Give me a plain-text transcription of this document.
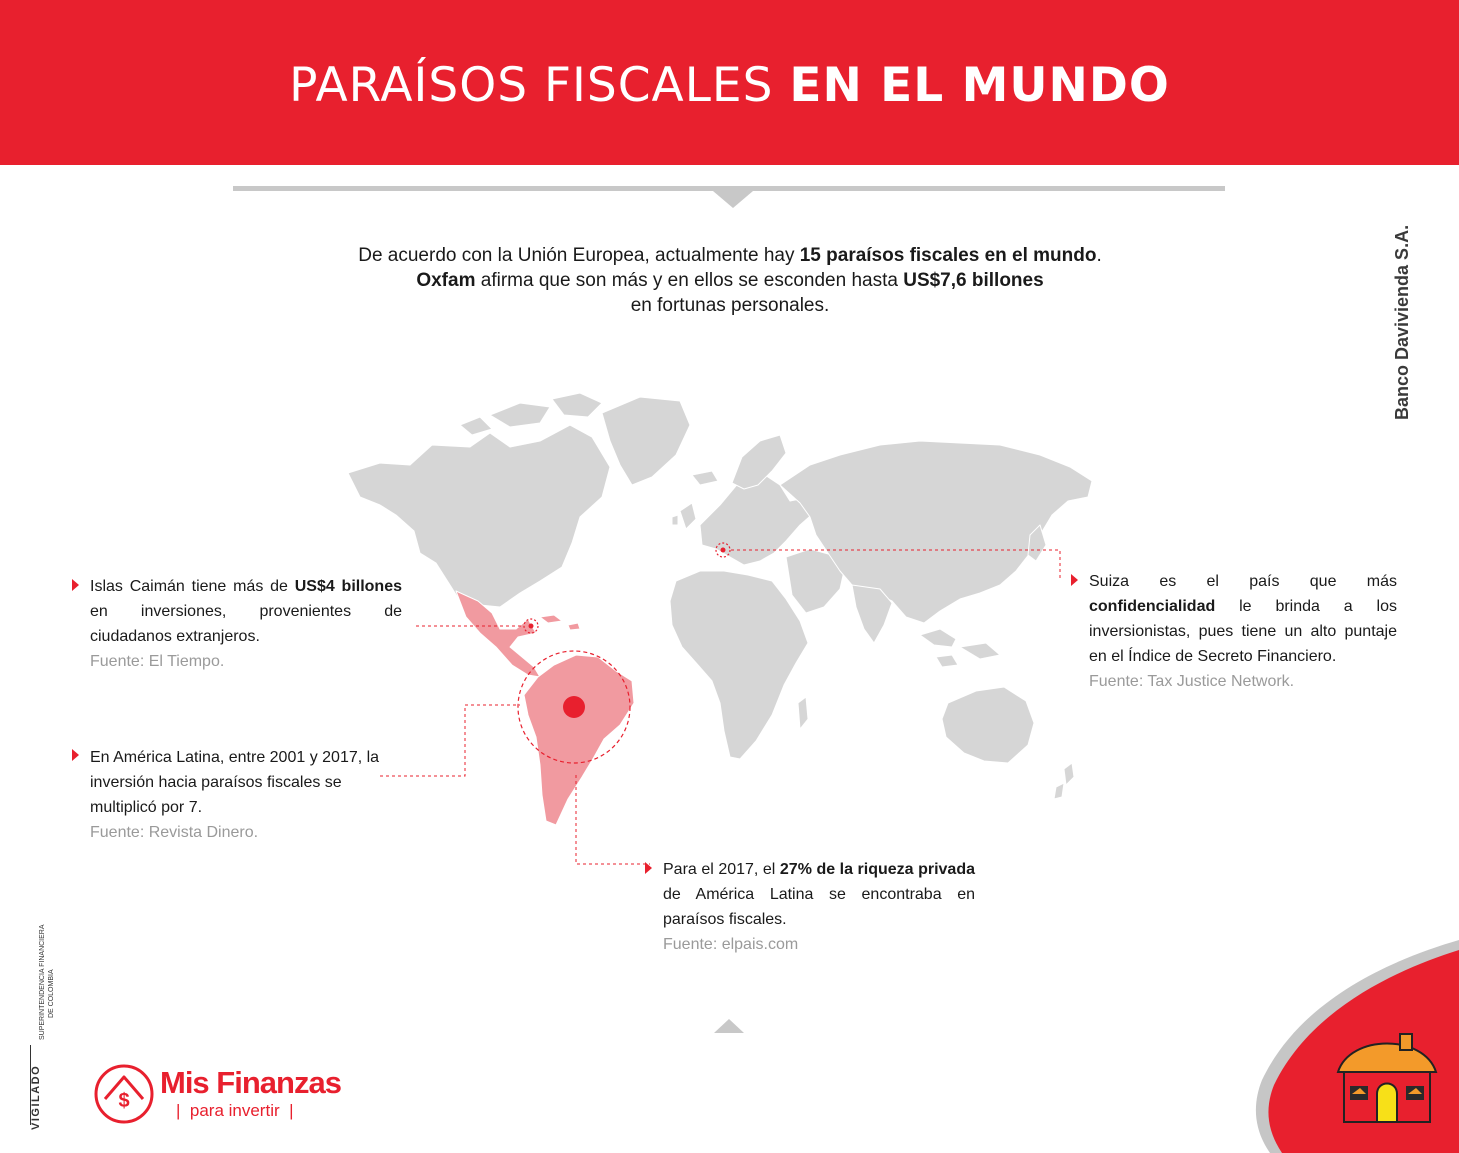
PARAÍSOS FISCALES EN EL MUNDO
De acuerdo con la Unión Europea, actualmente hay 15 paraísos fiscales en el mundo.
Oxfam afirma que son más y en ellos se esconden hasta US$7,6 billones
en fortunas personales.	Banco Davivienda S.A.
Islas Caimán tiene más de US$4 billones en inversiones, provenientes de ciudadanos extranjeros.
Fuente: El Tiempo.
En América Latina, entre 2001 y 2017, la inversión hacia paraísos fiscales se multiplicó por 7.
Fuente: Revista Dinero.
Para el 2017, el 27% de la riqueza privada de América Latina se encontraba en paraísos fiscales.
Fuente: elpais.com
Suiza es el país que más confidencialidad le brinda a los inversionistas, pues tiene un alto puntaje en el Índice de Secreto Financiero.
Fuente: Tax Justice Network.
VIGILADO
SUPERINTENDENCIA FINANCIERA DE COLOMBIA
$
Mis Finanzas
| para invertir |
